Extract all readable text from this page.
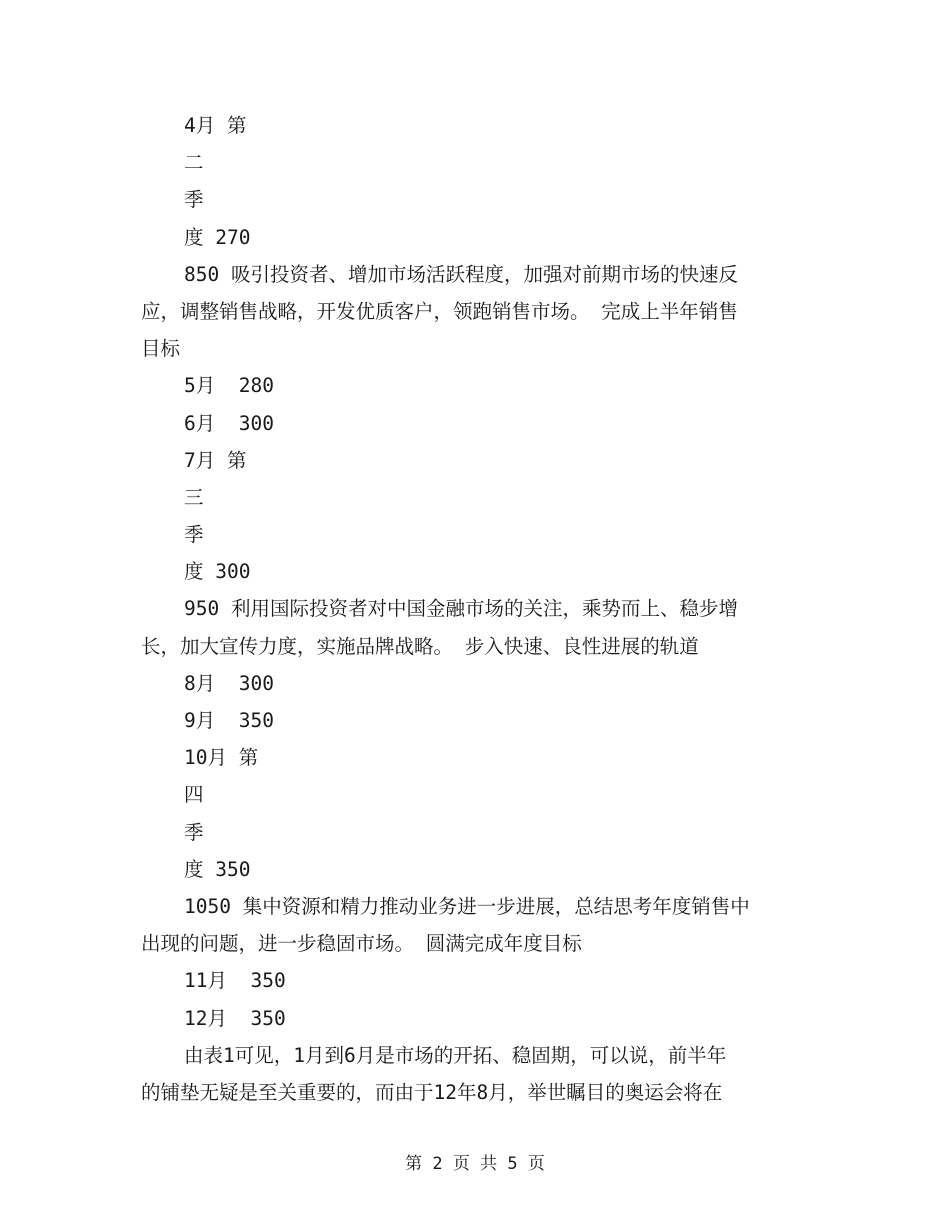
4月 第
二
季
度 270
850 吸引投资者、增加市场活跃程度，加强对前期市场的快速反
应，调整销售战略，开发优质客户，领跑销售市场。 完成上半年销售
目标
5月  280
6月  300
7月 第
三
季
度 300
950 利用国际投资者对中国金融市场的关注，乘势而上、稳步增
长，加大宣传力度，实施品牌战略。 步入快速、良性进展的轨道
8月  300
9月  350
10月 第
四
季
度 350
1050 集中资源和精力推动业务进一步进展，总结思考年度销售中
出现的问题，进一步稳固市场。 圆满完成年度目标
11月  350
12月  350
由表1可见，1月到6月是市场的开拓、稳固期，可以说，前半年
的铺垫无疑是至关重要的，而由于12年8月，举世瞩目的奥运会将在
第 2 页 共 5 页
